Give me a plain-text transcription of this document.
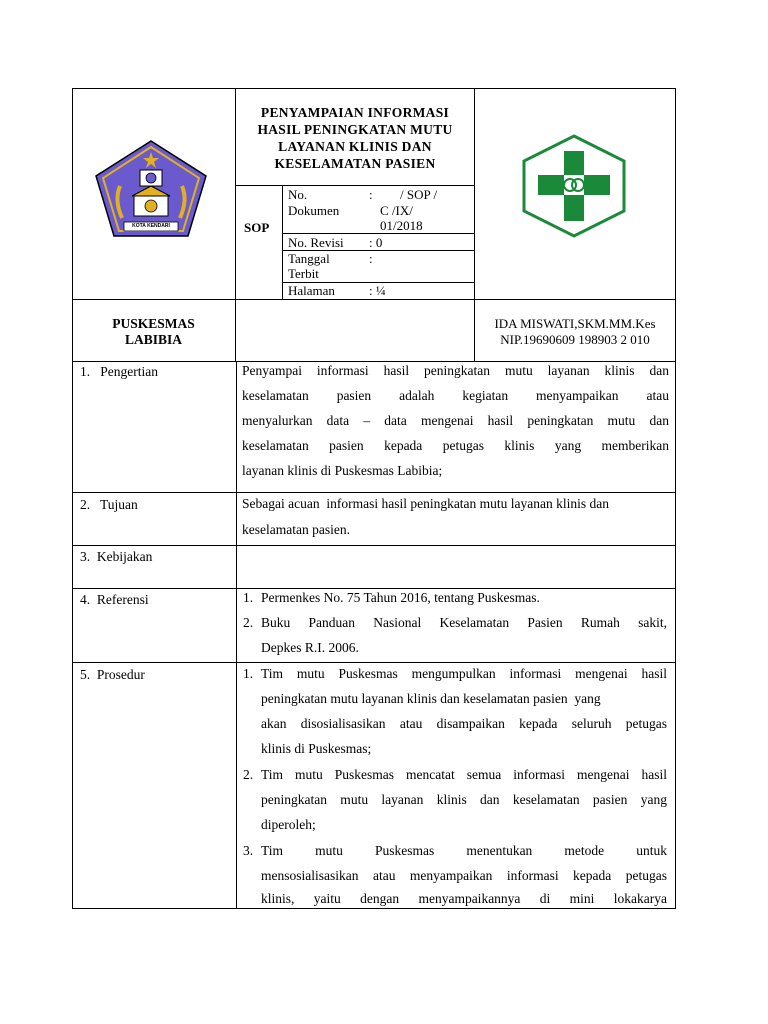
KOTA KENDARI
PENYAMPAIAN INFORMASI
HASIL PENINGKATAN MUTU
LAYANAN KLINIS DAN
KESELAMATAN PASIEN
SOP
No.
Dokumen
: / SOP /
C /IX/
01/2018
No. Revisi : 0
Tanggal
Terbit
:
Halaman	: ¼
PUSKESMAS
LABIBIA
IDA MISWATI,SKM.MM.Kes
NIP.19690609 198903 2 010
1.   Pengertian
2.   Tujuan
3.  Kebijakan
4.  Referensi
5.  Prosedur
Penyampai informasi hasil peningkatan mutu layanan klinis dan
keselamatan pasien adalah kegiatan menyampaikan atau
menyalurkan data – data mengenai hasil peningkatan mutu dan
keselamatan pasien kepada petugas klinis yang memberikan
layanan klinis di Puskesmas Labibia;
Sebagai acuan  informasi hasil peningkatan mutu layanan klinis dan
keselamatan pasien.
1. Permenkes No. 75 Tahun 2016, tentang Puskesmas.
2. Buku Panduan Nasional Keselamatan Pasien Rumah sakit,
Depkes R.I. 2006.
1. Tim mutu Puskesmas mengumpulkan informasi mengenai hasil
peningkatan mutu layanan klinis dan keselamatan pasien  yang
akan disosialisasikan atau disampaikan kepada seluruh petugas
klinis di Puskesmas;
2. Tim mutu Puskesmas mencatat semua informasi mengenai hasil
peningkatan mutu layanan klinis dan keselamatan pasien yang
diperoleh;
3. Tim mutu Puskesmas menentukan metode untuk
mensosialisasikan atau menyampaikan informasi kepada petugas
klinis, yaitu dengan menyampaikannya di mini lokakarya
